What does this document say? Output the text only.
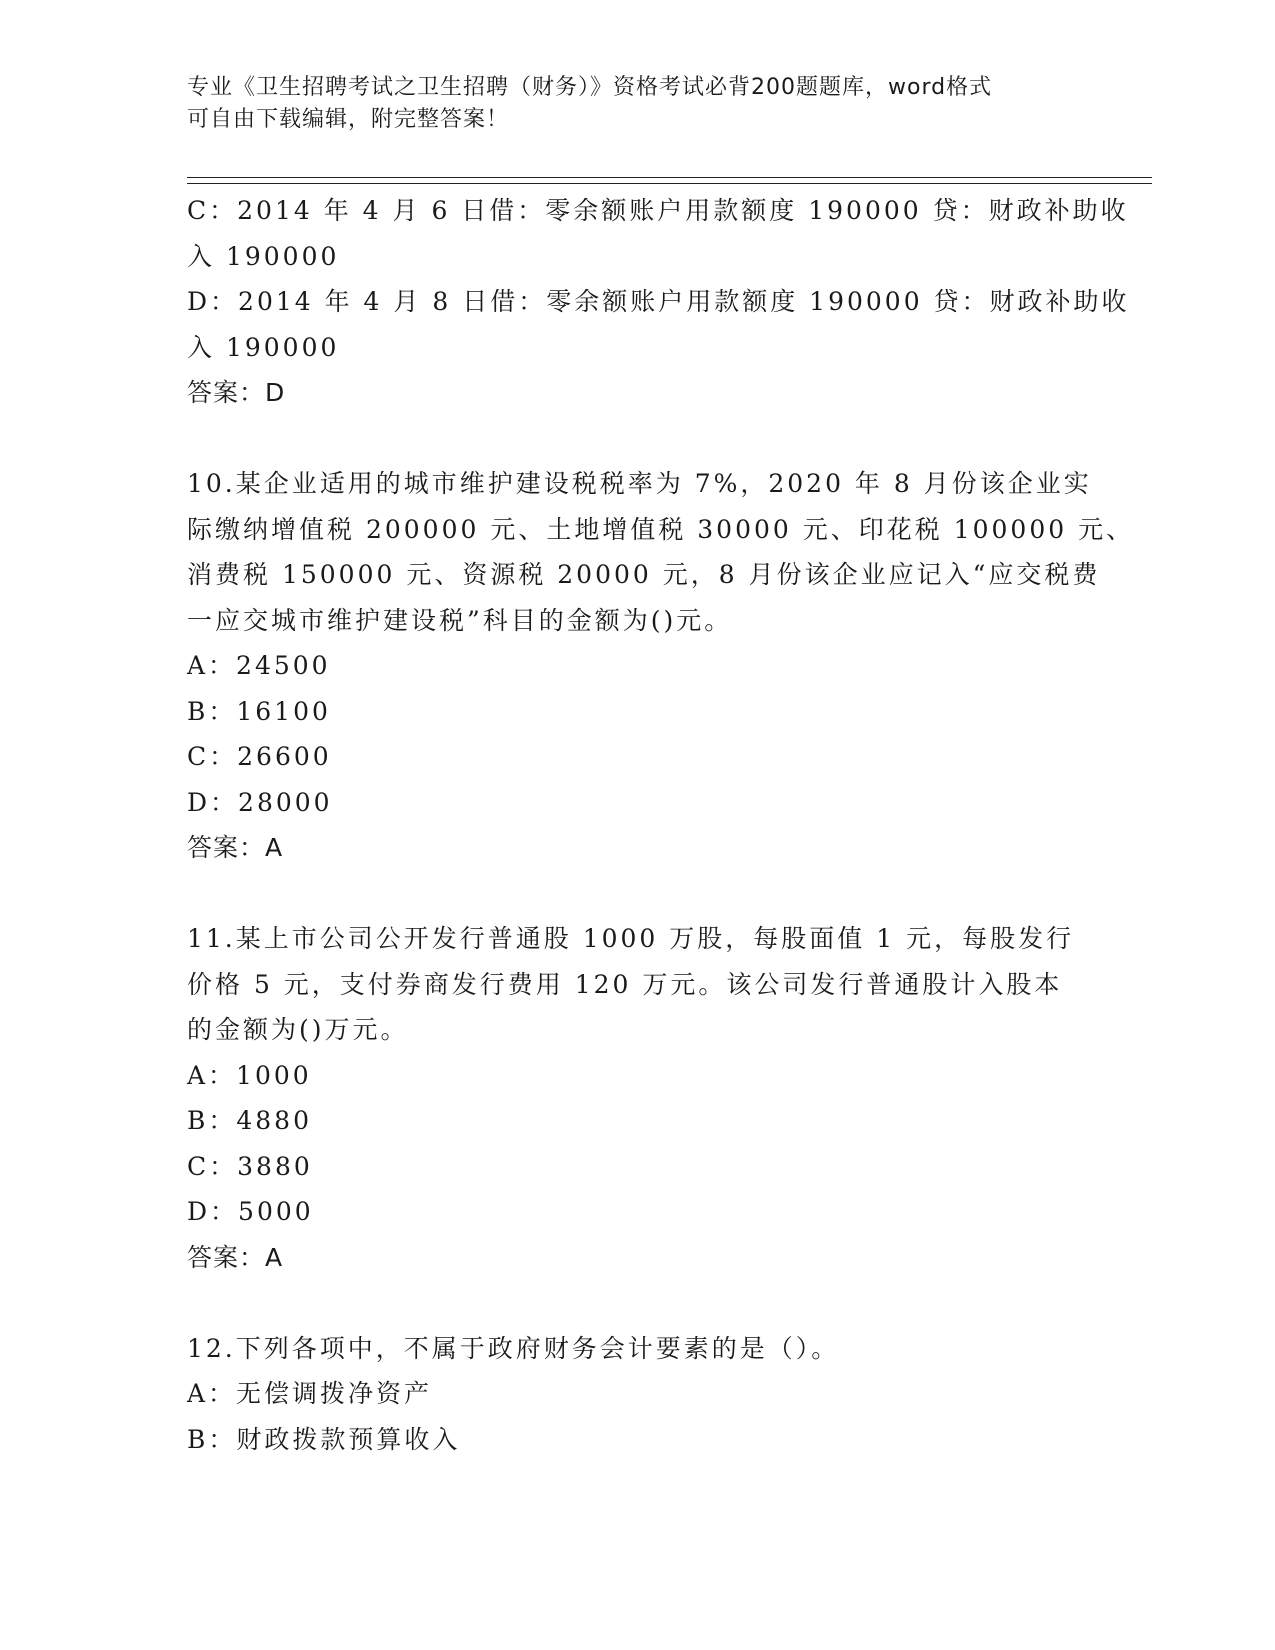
专业《卫生招聘考试之卫生招聘（财务）》资格考试必背200题题库，word格式
可自由下载编辑，附完整答案！
C：2014 年 4 月 6 日借：零余额账户用款额度 190000 贷：财政补助收
入 190000
D：2014 年 4 月 8 日借：零余额账户用款额度 190000 贷：财政补助收
入 190000
答案：D
10.某企业适用的城市维护建设税税率为 7%，2020 年 8 月份该企业实
际缴纳增值税 200000 元、土地增值税 30000 元、印花税 100000 元、
消费税 150000 元、资源税 20000 元，8 月份该企业应记入“应交税费
一应交城市维护建设税”科目的金额为()元。
A：24500
B：16100
C：26600
D：28000
答案：A
11.某上市公司公开发行普通股 1000 万股，每股面值 1 元，每股发行
价格 5 元，支付券商发行费用 120 万元。该公司发行普通股计入股本
的金额为()万元。
A：1000
B：4880
C：3880
D：5000
答案：A
12.下列各项中，不属于政府财务会计要素的是（）。
A：无偿调拨净资产
B：财政拨款预算收入
